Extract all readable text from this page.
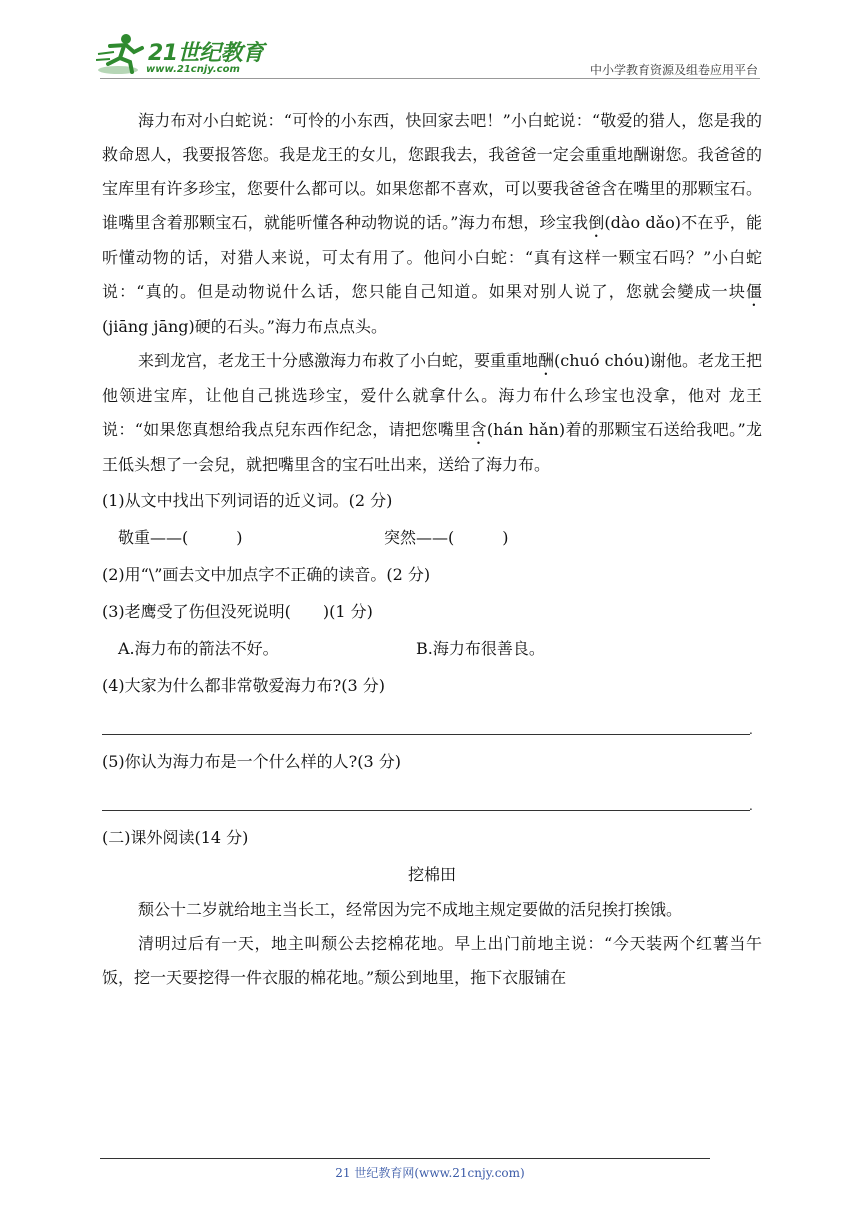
21世纪教育
www.21cnjy.com	中小学教育资源及组卷应用平台

海力布对小白蛇说：“可怜的小东西，快回家去吧！”小白蛇说：“敬爱的猎人，您是我的救命恩人，我要报答您。我是龙王的女儿，您跟我去，我爸爸一定会重重地酬谢您。我爸爸的宝库里有许多珍宝，您要什么都可以。如果您都不喜欢，可以要我爸爸含在嘴里的那颗宝石。谁嘴里含着那颗宝石，就能听懂各种动物说的话。”海力布想，珍宝我倒(dào dǎo)不在乎，能听懂动物的话，对猎人来说，可太有用了。他问小白蛇：“真有这样一颗宝石吗？”小白蛇说：“真的。但是动物说什么话，您只能自己知道。如果对别人说了，您就会變成一块僵(jiāng jāng)硬的石头。”海力布点点头。

来到龙宫，老龙王十分感激海力布救了小白蛇，要重重地酬(chuó chóu)谢他。老龙王把他领进宝库，让他自己挑选珍宝，爱什么就拿什么。海力布什么珍宝也没拿，他对 龙王说：“如果您真想给我点兒东西作纪念，请把您嘴里含(hán hǎn)着的那颗宝石送给我吧。”龙王低头想了一会兒，就把嘴里含的宝石吐出来，送给了海力布。

(1)从文中找出下列词语的近义词。(2 分)

敬重——(　　　)	突然——(　　　)

(2)用“\”画去文中加点字不正确的读音。(2 分)

(3)老鹰受了伤但没死说明(　　)(1 分)

A.海力布的箭法不好。	B.海力布很善良。

(4)大家为什么都非常敬爱海力布?(3 分)

.

(5)你认为海力布是一个什么样的人?(3 分)

.

(二)课外阅读(14 分)

挖棉田

颓公十二岁就给地主当长工，经常因为完不成地主规定要做的活兒挨打挨饿。

清明过后有一天，地主叫颓公去挖棉花地。早上出门前地主说：“今天装两个红薯当午饭，挖一天要挖得一件衣服的棉花地。”颓公到地里，拖下衣服铺在

21 世纪教育网(www.21cnjy.com)
